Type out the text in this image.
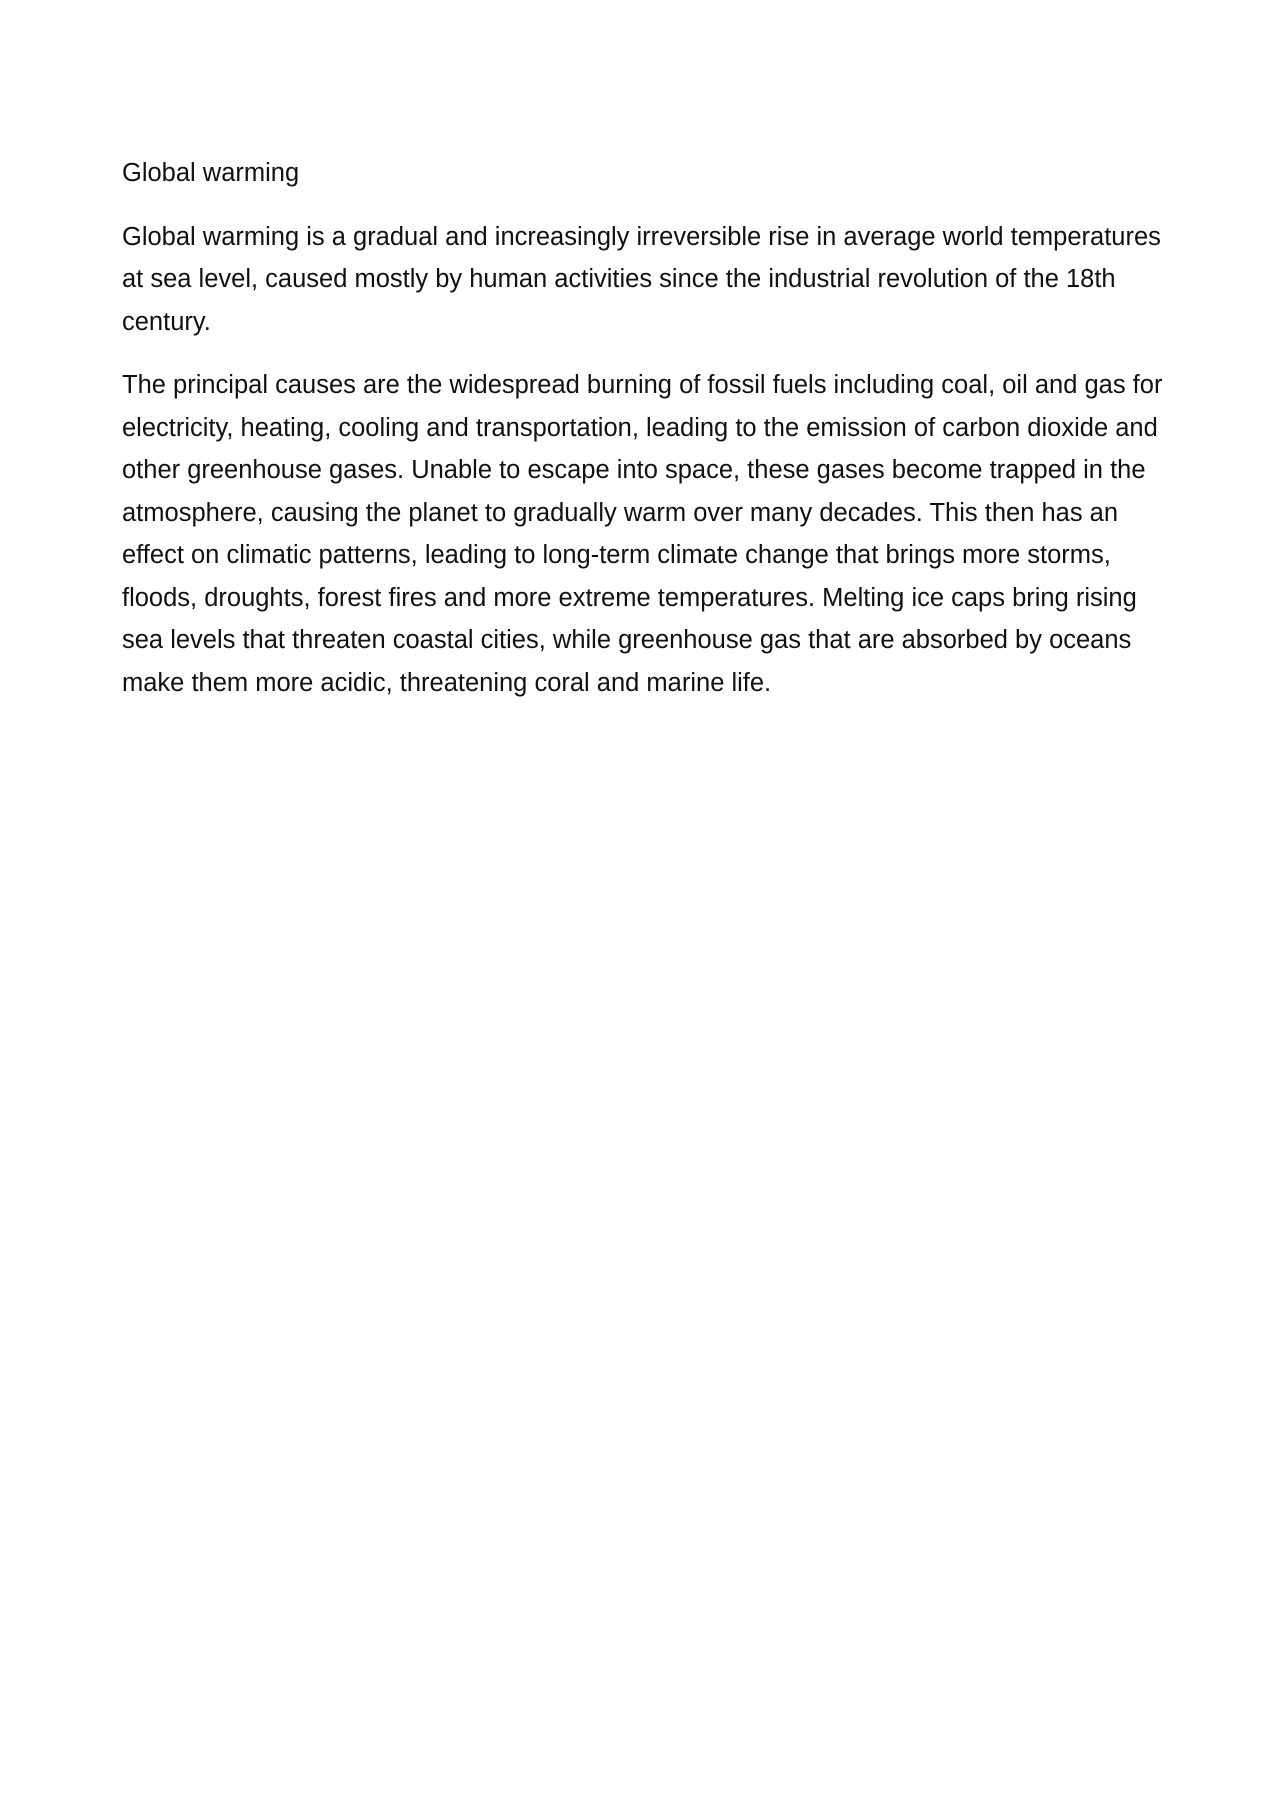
Global warming

Global warming is a gradual and increasingly irreversible rise in average world temperatures at sea level, caused mostly by human activities since the industrial revolution of the 18th century.

The principal causes are the widespread burning of fossil fuels including coal, oil and gas for electricity, heating, cooling and transportation, leading to the emission of carbon dioxide and other greenhouse gases. Unable to escape into space, these gases become trapped in the atmosphere, causing the planet to gradually warm over many decades. This then has an effect on climatic patterns, leading to long-term climate change that brings more storms, floods, droughts, forest fires and more extreme temperatures. Melting ice caps bring rising sea levels that threaten coastal cities, while greenhouse gas that are absorbed by oceans make them more acidic, threatening coral and marine life.
